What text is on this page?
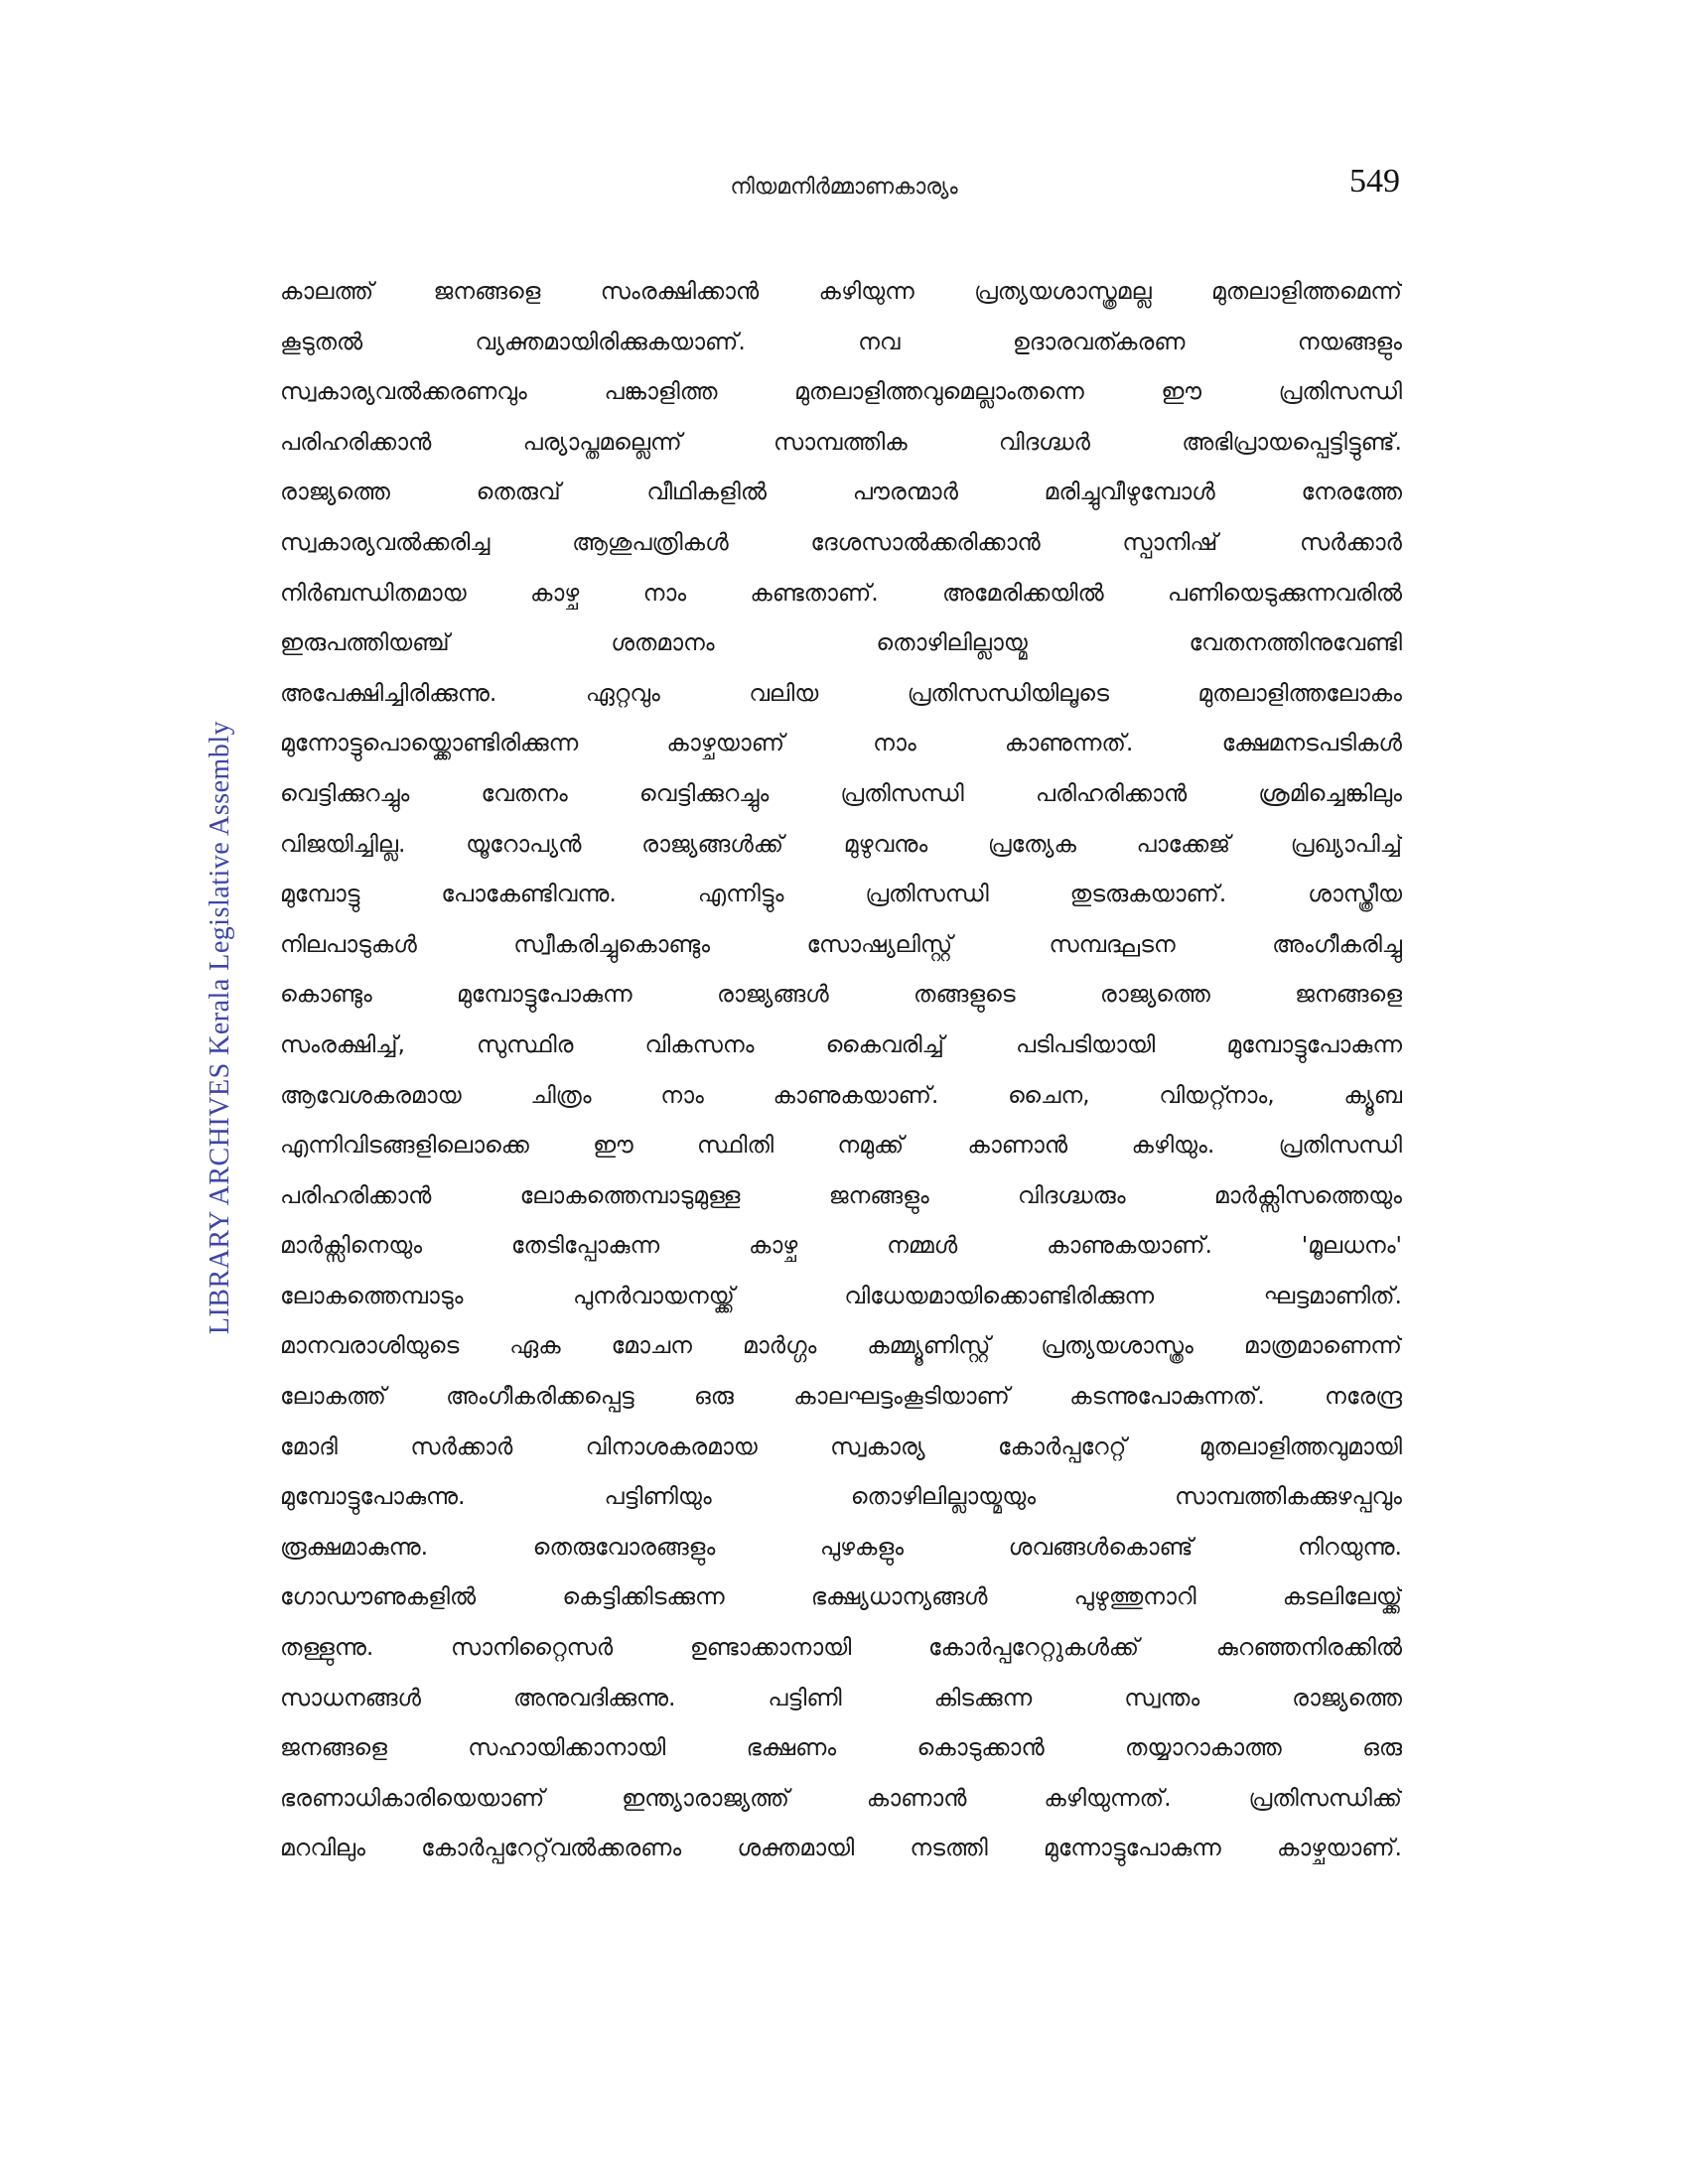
നിയമനിർമ്മാണകാര്യം	549
LIBRARY ARCHIVES Kerala Legislative Assembly
കാലത്ത് ജനങ്ങളെ സംരക്ഷിക്കാൻ കഴിയുന്ന പ്രത്യയശാസ്ത്രമല്ല മുതലാളിത്തമെന്ന്
കൂടുതൽ വ്യക്തമായിരിക്കുകയാണ്. നവ ഉദാരവത്കരണ നയങ്ങളും
സ്വകാര്യവൽക്കരണവും പങ്കാളിത്ത മുതലാളിത്തവുമെല്ലാംതന്നെ ഈ പ്രതിസന്ധി
പരിഹരിക്കാൻ പര്യാപ്തമല്ലെന്ന് സാമ്പത്തിക വിദഗ്ദ്ധർ അഭിപ്രായപ്പെട്ടിട്ടുണ്ട്.
രാജ്യത്തെ തെരുവ് വീഥികളിൽ പൗരന്മാർ മരിച്ചുവീഴുമ്പോൾ നേരത്തേ
സ്വകാര്യവൽക്കരിച്ച ആശുപത്രികൾ ദേശസാൽക്കരിക്കാൻ സ്പാനിഷ് സർക്കാർ
നിർബന്ധിതമായ കാഴ്ച നാം കണ്ടതാണ്. അമേരിക്കയിൽ പണിയെടുക്കുന്നവരിൽ
ഇരുപത്തിയഞ്ച് ശതമാനം തൊഴിലില്ലായ്മ വേതനത്തിനുവേണ്ടി
അപേക്ഷിച്ചിരിക്കുന്നു. ഏറ്റവും വലിയ പ്രതിസന്ധിയിലൂടെ മുതലാളിത്തലോകം
മുന്നോട്ടുപൊയ്ക്കൊണ്ടിരിക്കുന്ന കാഴ്ചയാണ് നാം കാണുന്നത്. ക്ഷേമനടപടികൾ
വെട്ടിക്കുറച്ചും വേതനം വെട്ടിക്കുറച്ചും പ്രതിസന്ധി പരിഹരിക്കാൻ ശ്രമിച്ചെങ്കിലും
വിജയിച്ചില്ല. യൂറോപ്യൻ രാജ്യങ്ങൾക്ക് മുഴുവനും പ്രത്യേക പാക്കേജ് പ്രഖ്യാപിച്ച്
മുമ്പോട്ടു പോകേണ്ടിവന്നു. എന്നിട്ടും പ്രതിസന്ധി തുടരുകയാണ്. ശാസ്ത്രീയ
നിലപാടുകൾ സ്വീകരിച്ചുകൊണ്ടും സോഷ്യലിസ്റ്റ് സമ്പദ്ഘടന അംഗീകരിച്ചു
കൊണ്ടും മുമ്പോട്ടുപോകുന്ന രാജ്യങ്ങൾ തങ്ങളുടെ രാജ്യത്തെ ജനങ്ങളെ
സംരക്ഷിച്ച്, സുസ്ഥിര വികസനം കൈവരിച്ച് പടിപടിയായി മുമ്പോട്ടുപോകുന്ന
ആവേശകരമായ ചിത്രം നാം കാണുകയാണ്. ചൈന, വിയറ്റ്നാം, ക്യൂബ
എന്നിവിടങ്ങളിലൊക്കെ ഈ സ്ഥിതി നമുക്ക് കാണാൻ കഴിയും. പ്രതിസന്ധി
പരിഹരിക്കാൻ ലോകത്തെമ്പാടുമുള്ള ജനങ്ങളും വിദഗ്ദ്ധരും മാർക്സിസത്തെയും
മാർക്സിനെയും തേടിപ്പോകുന്ന കാഴ്ച നമ്മൾ കാണുകയാണ്. 'മൂലധനം'
ലോകത്തെമ്പാടും പുനർവായനയ്ക്ക് വിധേയമായിക്കൊണ്ടിരിക്കുന്ന ഘട്ടമാണിത്.
മാനവരാശിയുടെ ഏക മോചന മാർഗ്ഗം കമ്മ്യൂണിസ്റ്റ് പ്രത്യയശാസ്ത്രം മാത്രമാണെന്ന്
ലോകത്ത് അംഗീകരിക്കപ്പെട്ട ഒരു കാലഘട്ടംകൂടിയാണ് കടന്നുപോകുന്നത്. നരേന്ദ്ര
മോദി സർക്കാർ വിനാശകരമായ സ്വകാര്യ കോർപ്പറേറ്റ് മുതലാളിത്തവുമായി
മുമ്പോട്ടുപോകുന്നു. പട്ടിണിയും തൊഴിലില്ലായ്മയും സാമ്പത്തികക്കുഴപ്പവും
രൂക്ഷമാകുന്നു. തെരുവോരങ്ങളും പുഴകളും ശവങ്ങൾകൊണ്ട് നിറയുന്നു.
ഗോഡൗണുകളിൽ കെട്ടിക്കിടക്കുന്ന ഭക്ഷ്യധാന്യങ്ങൾ പുഴുത്തുനാറി കടലിലേയ്ക്ക്
തള്ളുന്നു. സാനിറ്റൈസർ ഉണ്ടാക്കാനായി കോർപ്പറേറ്റുകൾക്ക് കുറഞ്ഞനിരക്കിൽ
സാധനങ്ങൾ അനുവദിക്കുന്നു. പട്ടിണി കിടക്കുന്ന സ്വന്തം രാജ്യത്തെ
ജനങ്ങളെ സഹായിക്കാനായി ഭക്ഷണം കൊടുക്കാൻ തയ്യാറാകാത്ത ഒരു
ഭരണാധികാരിയെയാണ് ഇന്ത്യാരാജ്യത്ത് കാണാൻ കഴിയുന്നത്. പ്രതിസന്ധിക്ക്
മറവിലും കോർപ്പറേറ്റ്‌വൽക്കരണം ശക്തമായി നടത്തി മുന്നോട്ടുപോകുന്ന കാഴ്ചയാണ്.
